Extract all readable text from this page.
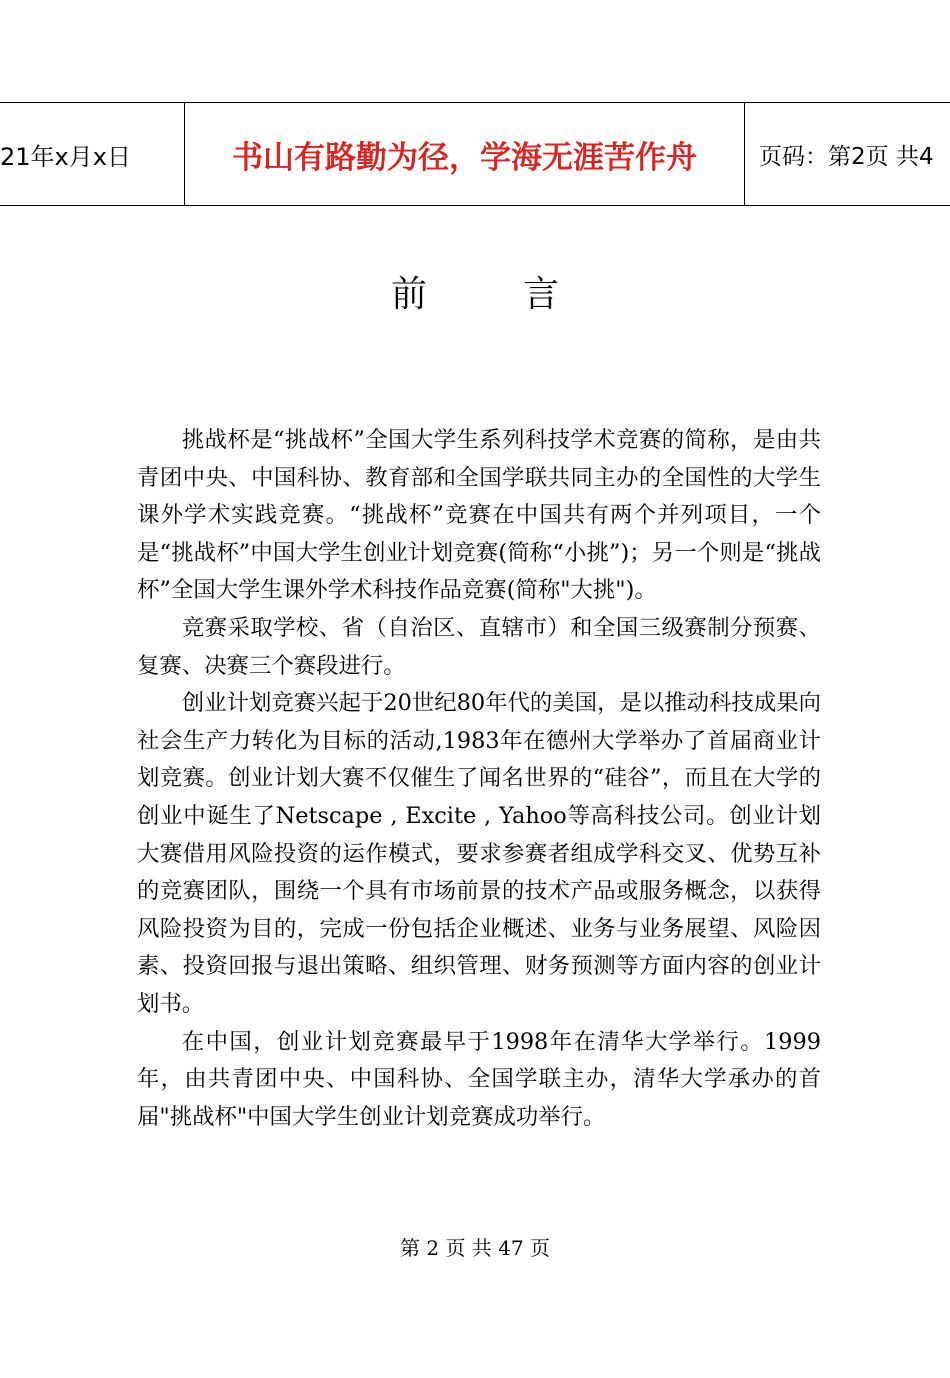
21年x月x日	书山有路勤为径，学海无涯苦作舟	页码：第2页 共4
前	言

挑战杯是“挑战杯”全国大学生系列科技学术竞赛的简称，是由共青团中央、中国科协、教育部和全国学联共同主办的全国性的大学生课外学术实践竞赛。“挑战杯”竞赛在中国共有两个并列项目，一个是“挑战杯”中国大学生创业计划竞赛(简称“小挑”)；另一个则是“挑战杯”全国大学生课外学术科技作品竞赛(简称"大挑")。

竞赛采取学校、省（自治区、直辖市）和全国三级赛制分预赛、复赛、决赛三个赛段进行。

创业计划竞赛兴起于20世纪80年代的美国，是以推动科技成果向社会生产力转化为目标的活动,1983年在德州大学举办了首届商业计划竞赛。创业计划大赛不仅催生了闻名世界的“硅谷”，而且在大学的创业中诞生了Netscape , Excite , Yahoo等高科技公司。创业计划大赛借用风险投资的运作模式，要求参赛者组成学科交叉、优势互补的竞赛团队，围绕一个具有市场前景的技术产品或服务概念，以获得风险投资为目的，完成一份包括企业概述、业务与业务展望、风险因素、投资回报与退出策略、组织管理、财务预测等方面内容的创业计划书。

在中国，创业计划竞赛最早于1998年在清华大学举行。1999年，由共青团中央、中国科协、全国学联主办，清华大学承办的首届"挑战杯"中国大学生创业计划竞赛成功举行。

第 2 页 共 47 页
